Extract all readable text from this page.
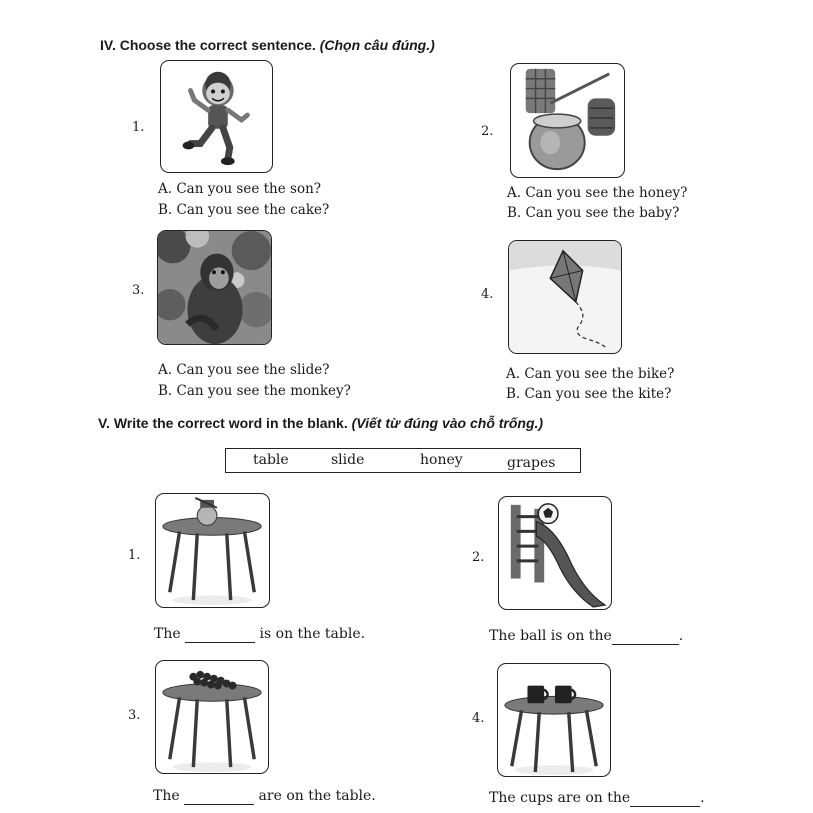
IV. Choose the correct sentence. (Chọn câu đúng.)
1.
A. Can you see the son?
B. Can you see the cake?
2.
A. Can you see the honey?
B. Can you see the baby?
3.
A. Can you see the slide?
B. Can you see the monkey?
4.
A. Can you see the bike?
B. Can you see the kite?
V. Write the correct word in the blank. (Viết từ đúng vào chỗ trống.)
table	slide	honey	grapes
1.
The	is on the table.
2.
The ball is on the	.
3.
The	are on the table.
4.
The cups are on the	.
